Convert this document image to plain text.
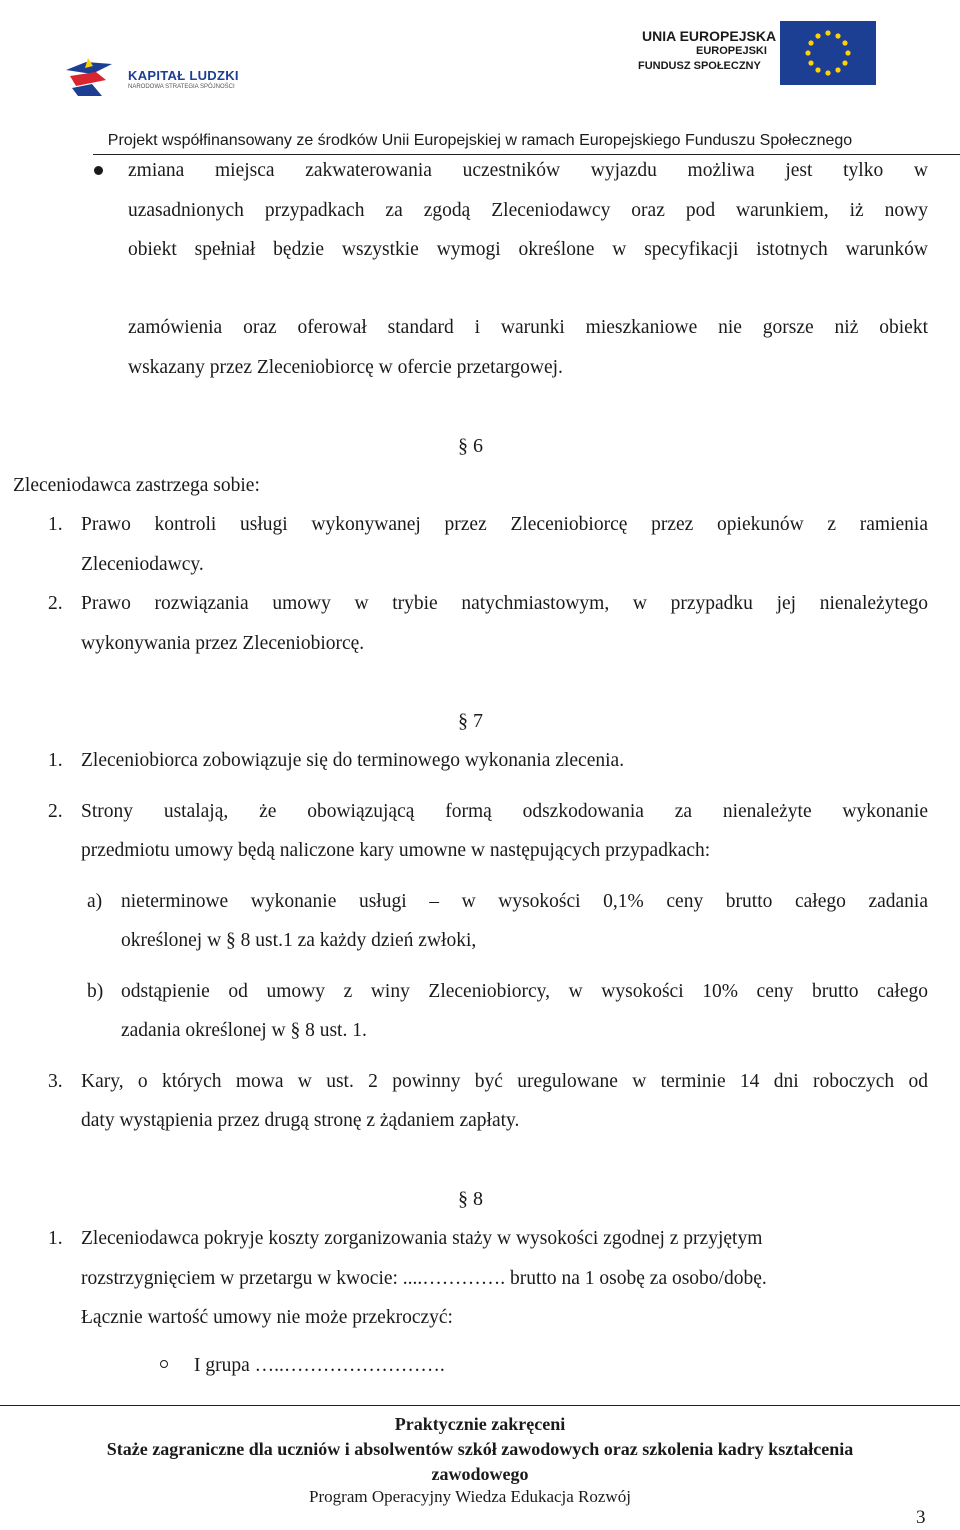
KAPITAŁ LUDZKI
NARODOWA STRATEGIA SPÓJNOŚCI
UNIA EUROPEJSKA
EUROPEJSKI
FUNDUSZ SPOŁECZNY
Projekt współfinansowany ze środków Unii Europejskiej w ramach Europejskiego Funduszu Społecznego

zmiana miejsca zakwaterowania uczestników wyjazdu możliwa jest tylko w

uzasadnionych przypadkach za zgodą Zleceniodawcy oraz pod warunkiem, iż nowy

obiekt spełniał będzie wszystkie wymogi określone w specyfikacji istotnych warunków

zamówienia oraz oferował standard i warunki mieszkaniowe nie gorsze niż obiekt

wskazany przez Zleceniobiorcę w ofercie przetargowej.

§ 6

Zleceniodawca zastrzega sobie:

1. Prawo kontroli usługi wykonywanej przez Zleceniobiorcę przez opiekunów z ramienia

Zleceniodawcy.

2. Prawo rozwiązania umowy w trybie natychmiastowym, w przypadku jej nienależytego

wykonywania przez Zleceniobiorcę.

§ 7
1. Zleceniobiorca zobowiązuje się do terminowego wykonania zlecenia.

2. Strony ustalają, że obowiązującą formą odszkodowania za nienależyte wykonanie

przedmiotu umowy będą naliczone kary umowne w następujących przypadkach:

a) nieterminowe wykonanie usługi – w wysokości 0,1% ceny brutto całego zadania

określonej w § 8 ust.1 za każdy dzień zwłoki,

b) odstąpienie od umowy z winy Zleceniobiorcy, w wysokości 10% ceny brutto całego

zadania określonej w § 8 ust. 1.

3. Kary, o których mowa w ust. 2 powinny być uregulowane w terminie 14 dni roboczych od

daty wystąpienia przez drugą stronę z żądaniem zapłaty.

§ 8
1. Zleceniodawca pokryje koszty zorganizowania staży w wysokości zgodnej z przyjętym

rozstrzygnięciem w przetargu w kwocie: ....…………. brutto na 1 osobę za osobo/dobę.

Łącznie wartość umowy nie może przekroczyć:

I grupa …..…………………….

Praktycznie zakręceni
Staże zagraniczne dla uczniów i absolwentów szkół zawodowych oraz szkolenia kadry kształcenia
zawodowego
Program Operacyjny Wiedza Edukacja Rozwój
3
